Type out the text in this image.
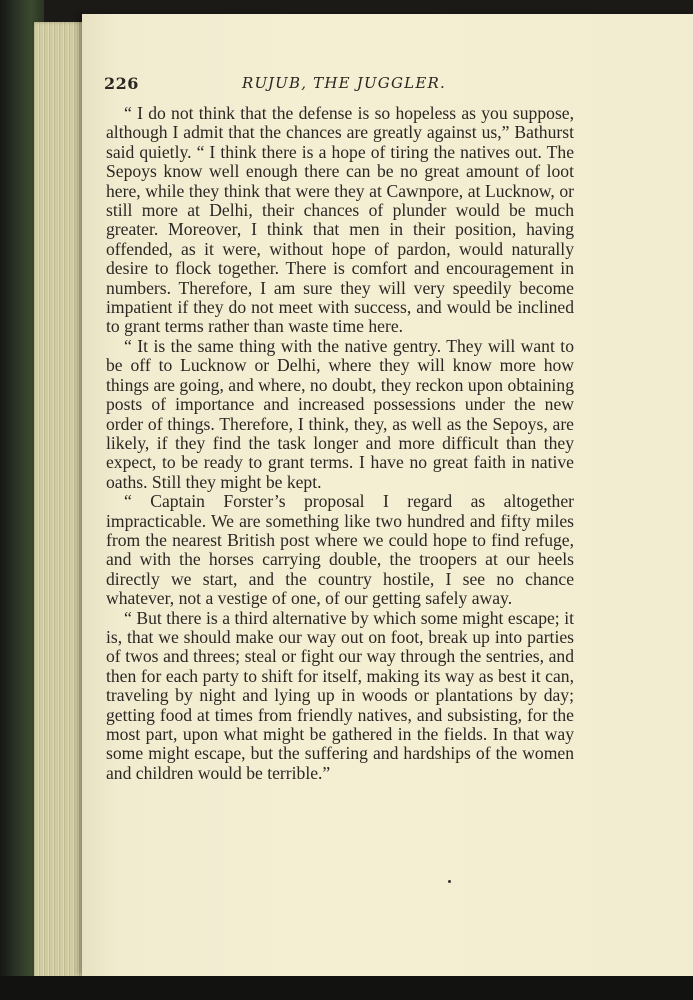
226	RUJUB, THE JUGGLER.

“ I do not think that the defense is so hopeless as you suppose, although I admit that the chances are greatly against us,” Bathurst said quietly. “ I think there is a hope of tiring the natives out. The Sepoys know well enough there can be no great amount of loot here, while they think that were they at Cawnpore, at Lucknow, or still more at Delhi, their chances of plunder would be much greater. Moreover, I think that men in their position, having offended, as it were, without hope of pardon, would naturally desire to flock together. There is comfort and encouragement in numbers. Therefore, I am sure they will very speedily become impatient if they do not meet with success, and would be inclined to grant terms rather than waste time here.

“ It is the same thing with the native gentry. They will want to be off to Lucknow or Delhi, where they will know more how things are going, and where, no doubt, they reckon upon obtaining posts of importance and increased possessions under the new order of things. Therefore, I think, they, as well as the Sepoys, are likely, if they find the task longer and more difficult than they expect, to be ready to grant terms. I have no great faith in native oaths. Still they might be kept.

“ Captain Forster’s proposal I regard as altogether impracticable. We are something like two hundred and fifty miles from the nearest British post where we could hope to find refuge, and with the horses carrying double, the troopers at our heels directly we start, and the country hostile, I see no chance whatever, not a vestige of one, of our getting safely away.

“ But there is a third alternative by which some might escape; it is, that we should make our way out on foot, break up into parties of twos and threes; steal or fight our way through the sentries, and then for each party to shift for itself, making its way as best it can, traveling by night and lying up in woods or plantations by day; getting food at times from friendly natives, and subsisting, for the most part, upon what might be gathered in the fields. In that way some might escape, but the suffering and hardships of the women and children would be terrible.”
